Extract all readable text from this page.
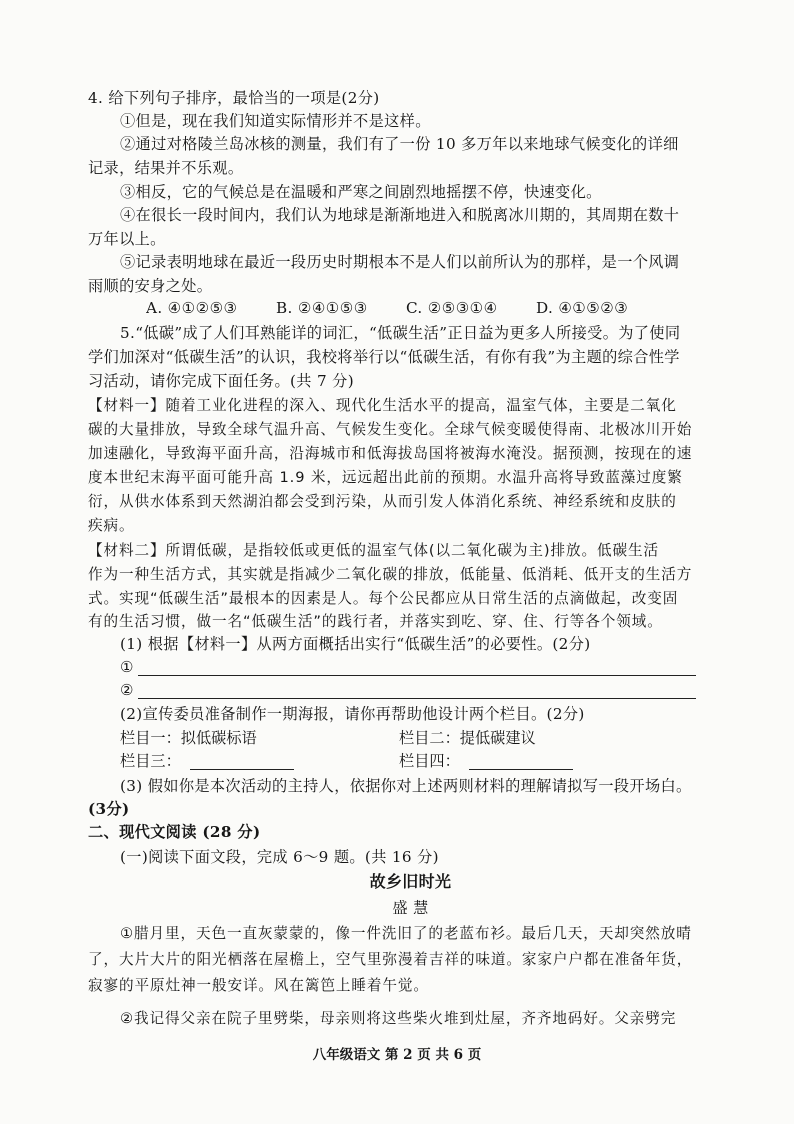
4. 给下列句子排序，最恰当的一项是(2分)
①但是，现在我们知道实际情形并不是这样。
②通过对格陵兰岛冰核的测量，我们有了一份 10 多万年以来地球气候变化的详细
记录，结果并不乐观。
③相反，它的气候总是在温暖和严寒之间剧烈地摇摆不停，快速变化。
④在很长一段时间内，我们认为地球是渐渐地进入和脱离冰川期的，其周期在数十
万年以上。
⑤记录表明地球在最近一段历史时期根本不是人们以前所认为的那样，是一个风调
雨顺的安身之处。
A. ④①②⑤③	B. ②④①⑤③	C. ②⑤③①④	D. ④①⑤②③
5.“低碳”成了人们耳熟能详的词汇，“低碳生活”正日益为更多人所接受。为了使同
学们加深对“低碳生活”的认识，我校将举行以“低碳生活，有你有我”为主题的综合性学
习活动，请你完成下面任务。(共 7 分)
【材料一】随着工业化进程的深入、现代化生活水平的提高，温室气体，主要是二氧化
碳的大量排放，导致全球气温升高、气候发生变化。全球气候变暖使得南、北极冰川开始
加速融化，导致海平面升高，沿海城市和低海拔岛国将被海水淹没。据预测，按现在的速
度本世纪末海平面可能升高 1.9 米，远远超出此前的预期。水温升高将导致蓝藻过度繁
衍，从供水体系到天然湖泊都会受到污染，从而引发人体消化系统、神经系统和皮肤的
疾病。
【材料二】所谓低碳，是指较低或更低的温室气体(以二氧化碳为主)排放。低碳生活
作为一种生活方式，其实就是指减少二氧化碳的排放，低能量、低消耗、低开支的生活方
式。实现“低碳生活”最根本的因素是人。每个公民都应从日常生活的点滴做起，改变固
有的生活习惯，做一名“低碳生活”的践行者，并落实到吃、穿、住、行等各个领域。
(1) 根据【材料一】从两方面概括出实行“低碳生活”的必要性。(2分)
①
②
(2)宣传委员准备制作一期海报，请你再帮助他设计两个栏目。(2分)
栏目一：拟低碳标语	栏目二：提低碳建议
栏目三：	栏目四：
(3) 假如你是本次活动的主持人，依据你对上述两则材料的理解请拟写一段开场白。
(3分)
二、现代文阅读 (28 分)
(一)阅读下面文段，完成 6～9 题。(共 16 分)
故乡旧时光
盛 慧
①腊月里，天色一直灰蒙蒙的，像一件洗旧了的老蓝布衫。最后几天，天却突然放晴
了，大片大片的阳光栖落在屋檐上，空气里弥漫着吉祥的味道。家家户户都在准备年货，
寂寥的平原灶神一般安详。风在篱笆上睡着午觉。
②我记得父亲在院子里劈柴，母亲则将这些柴火堆到灶屋，齐齐地码好。父亲劈完
八年级语文 第 2 页 共 6 页
